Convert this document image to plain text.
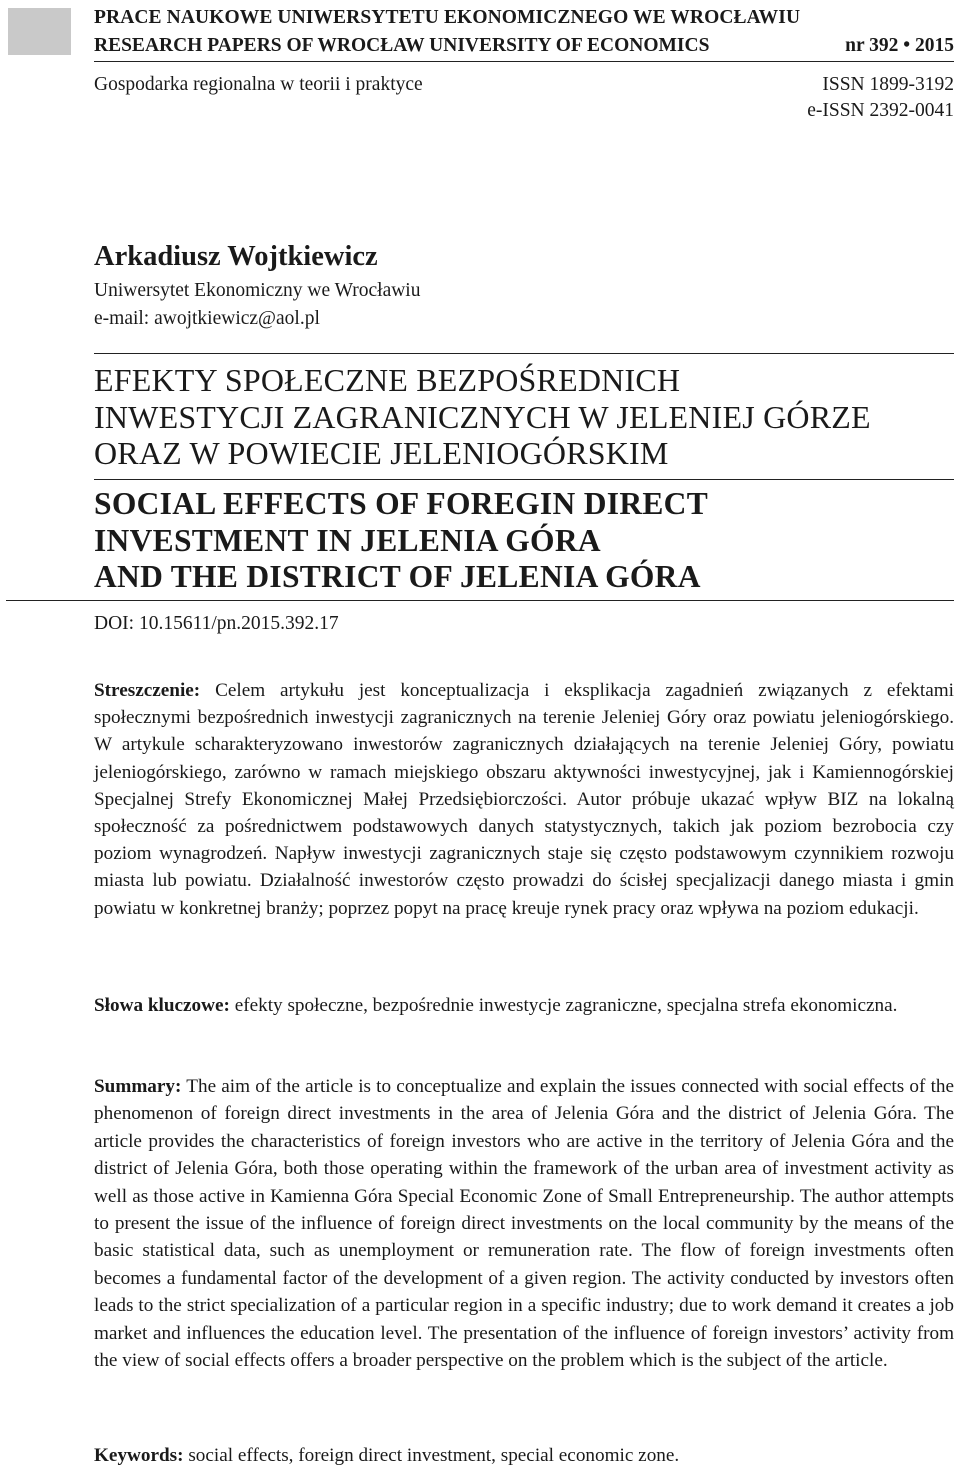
PRACE NAUKOWE UNIWERSYTETU EKONOMICZNEGO WE WROCŁAWIU
RESEARCH PAPERS OF WROCŁAW UNIVERSITY OF ECONOMICS	nr 392 • 2015
Gospodarka regionalna w teorii i praktyce	ISSN 1899-3192
e-ISSN 2392-0041
Arkadiusz Wojtkiewicz
Uniwersytet Ekonomiczny we Wrocławiu
e-mail: awojtkiewicz@aol.pl
EFEKTY SPOŁECZNE BEZPOŚREDNICH
INWESTYCJI ZAGRANICZNYCH W JELENIEJ GÓRZE
ORAZ W POWIECIE JELENIOGÓRSKIM
SOCIAL EFFECTS OF FOREGIN DIRECT
INVESTMENT IN JELENIA GÓRA
AND THE DISTRICT OF JELENIA GÓRA
DOI: 10.15611/pn.2015.392.17
Streszczenie: Celem artykułu jest konceptualizacja i eksplikacja zagadnień związanych z efektami społecznymi bezpośrednich inwestycji zagranicznych na terenie Jeleniej Góry oraz powiatu jeleniogórskiego. W artykule scharakteryzowano inwestorów zagranicznych działających na terenie Jeleniej Góry, powiatu jeleniogórskiego, zarówno w ramach miejskiego obszaru aktywności inwestycyjnej, jak i Kamiennogórskiej Specjalnej Strefy Ekonomicznej Małej Przedsiębiorczości. Autor próbuje ukazać wpływ BIZ na lokalną społeczność za pośrednictwem podstawowych danych statystycznych, takich jak poziom bezrobocia czy poziom wynagrodzeń. Napływ inwestycji zagranicznych staje się często podstawowym czynnikiem rozwoju miasta lub powiatu. Działalność inwestorów często prowadzi do ścisłej specjalizacji danego miasta i gmin powiatu w konkretnej branży; poprzez popyt na pracę kreuje rynek pracy oraz wpływa na poziom edukacji.
Słowa kluczowe: efekty społeczne, bezpośrednie inwestycje zagraniczne, specjalna strefa ekonomiczna.
Summary: The aim of the article is to conceptualize and explain the issues connected with social effects of the phenomenon of foreign direct investments in the area of Jelenia Góra and the district of Jelenia Góra. The article provides the characteristics of foreign investors who are active in the territory of Jelenia Góra and the district of Jelenia Góra, both those operating within the framework of the urban area of investment activity as well as those active in Kamienna Góra Special Economic Zone of Small Entrepreneurship. The author attempts to present the issue of the influence of foreign direct investments on the local community by the means of the basic statistical data, such as unemployment or remuneration rate. The flow of foreign investments often becomes a fundamental factor of the development of a given region. The activity conducted by investors often leads to the strict specialization of a particular region in a specific industry; due to work demand it creates a job market and influences the education level. The presentation of the influence of foreign investors’ activity from the view of social effects offers a broader perspective on the problem which is the subject of the article.
Keywords: social effects, foreign direct investment, special economic zone.
